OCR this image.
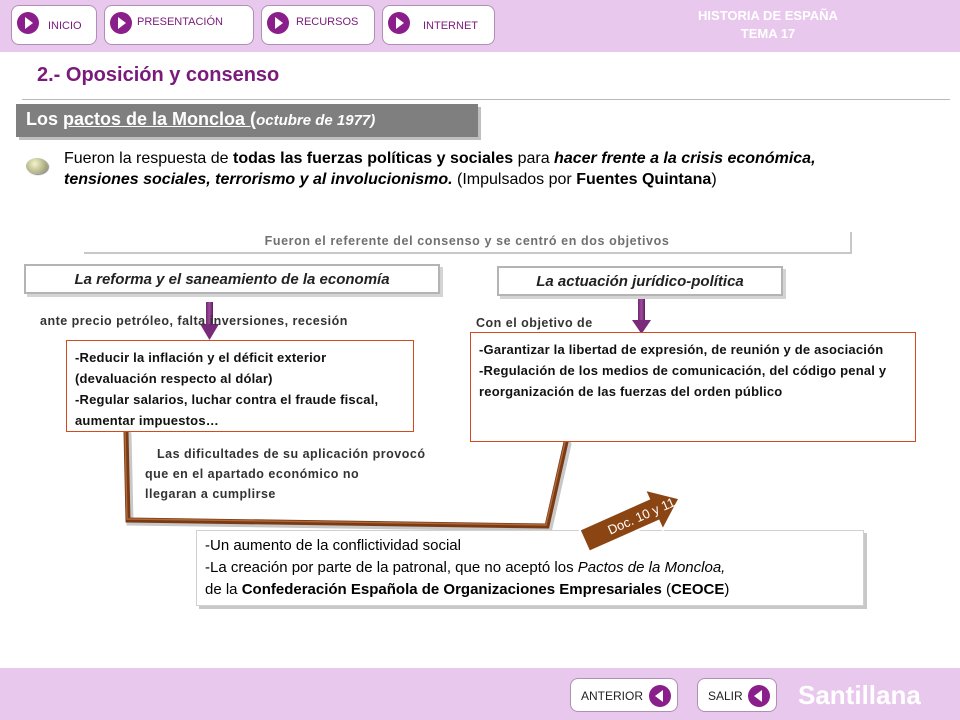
INICIO	PRESENTACIÓN	RECURSOS	INTERNET
HISTORIA DE ESPAÑA
TEMA 17
2.- Oposición y consenso
Los pactos de la Moncloa (octubre de 1977)
Fueron la respuesta de todas las fuerzas políticas y sociales para hacer frente a la crisis económica, tensiones sociales, terrorismo y al involucionismo. (Impulsados por Fuentes Quintana)
Fueron el referente del consenso y se centró en dos objetivos
La reforma y el saneamiento de la economía
ante precio petróleo, falta inversiones, recesión
-Reducir la inflación y el déficit exterior (devaluación respecto al dólar)
-Regular salarios, luchar contra el fraude fiscal, aumentar impuestos…
La actuación jurídico-política
Con el objetivo de
-Garantizar la libertad de expresión, de reunión y de asociación
-Regulación de los medios de comunicación, del código penal y reorganización de las fuerzas del orden público
Las dificultades de su aplicación provocó
que en el apartado económico no
llegaran a cumplirse
-Un aumento de la conflictividad social
-La creación por parte de la patronal, que no aceptó los Pactos de la Moncloa,
de la Confederación Española de Organizaciones Empresariales (CEOCE)
Doc. 10 y 11
ANTERIOR	SALIR Santillana
